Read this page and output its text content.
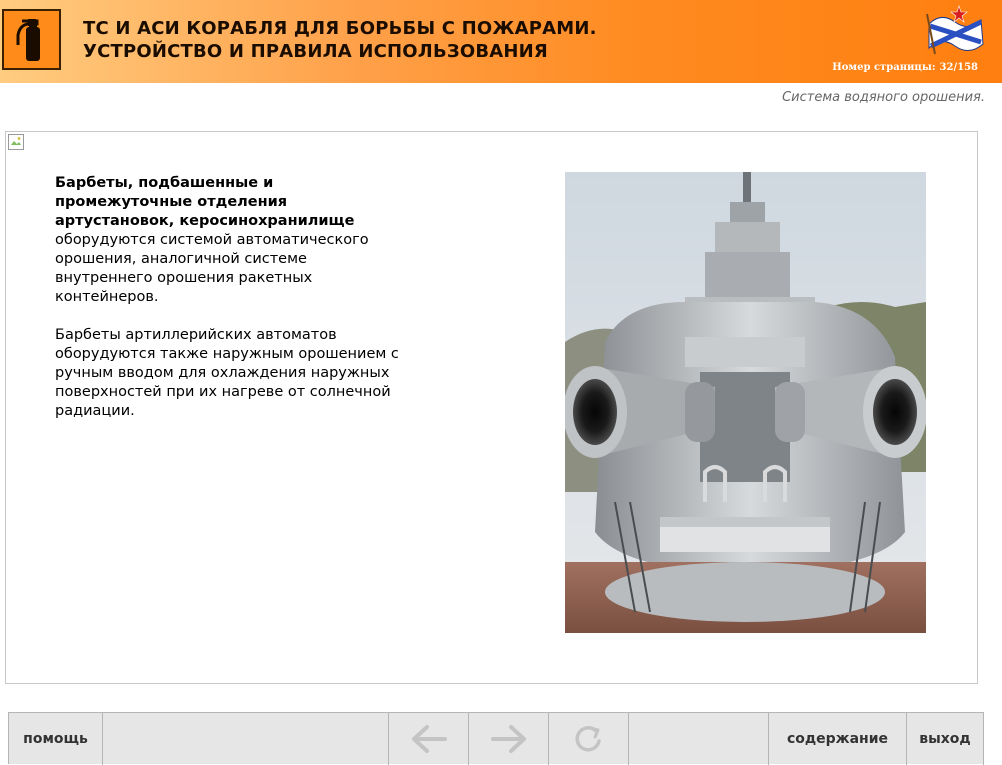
ТС И АСИ КОРАБЛЯ ДЛЯ БОРЬБЫ С ПОЖАРАМИ.
УСТРОЙСТВО И ПРАВИЛА ИСПОЛЬЗОВАНИЯ
Номер страницы: 32/158
Система водяного орошения.

Барбеты, подбашенные и промежуточные отделения артустановок, керосинохранилище оборудуются системой автоматического орошения, аналогичной системе внутреннего орошения ракетных контейнеров.

Барбеты артиллерийских автоматов оборудуются также наружным орошением с ручным вводом для охлаждения наружных поверхностей при их нагреве от солнечной радиации.

помощь	содержание выход
